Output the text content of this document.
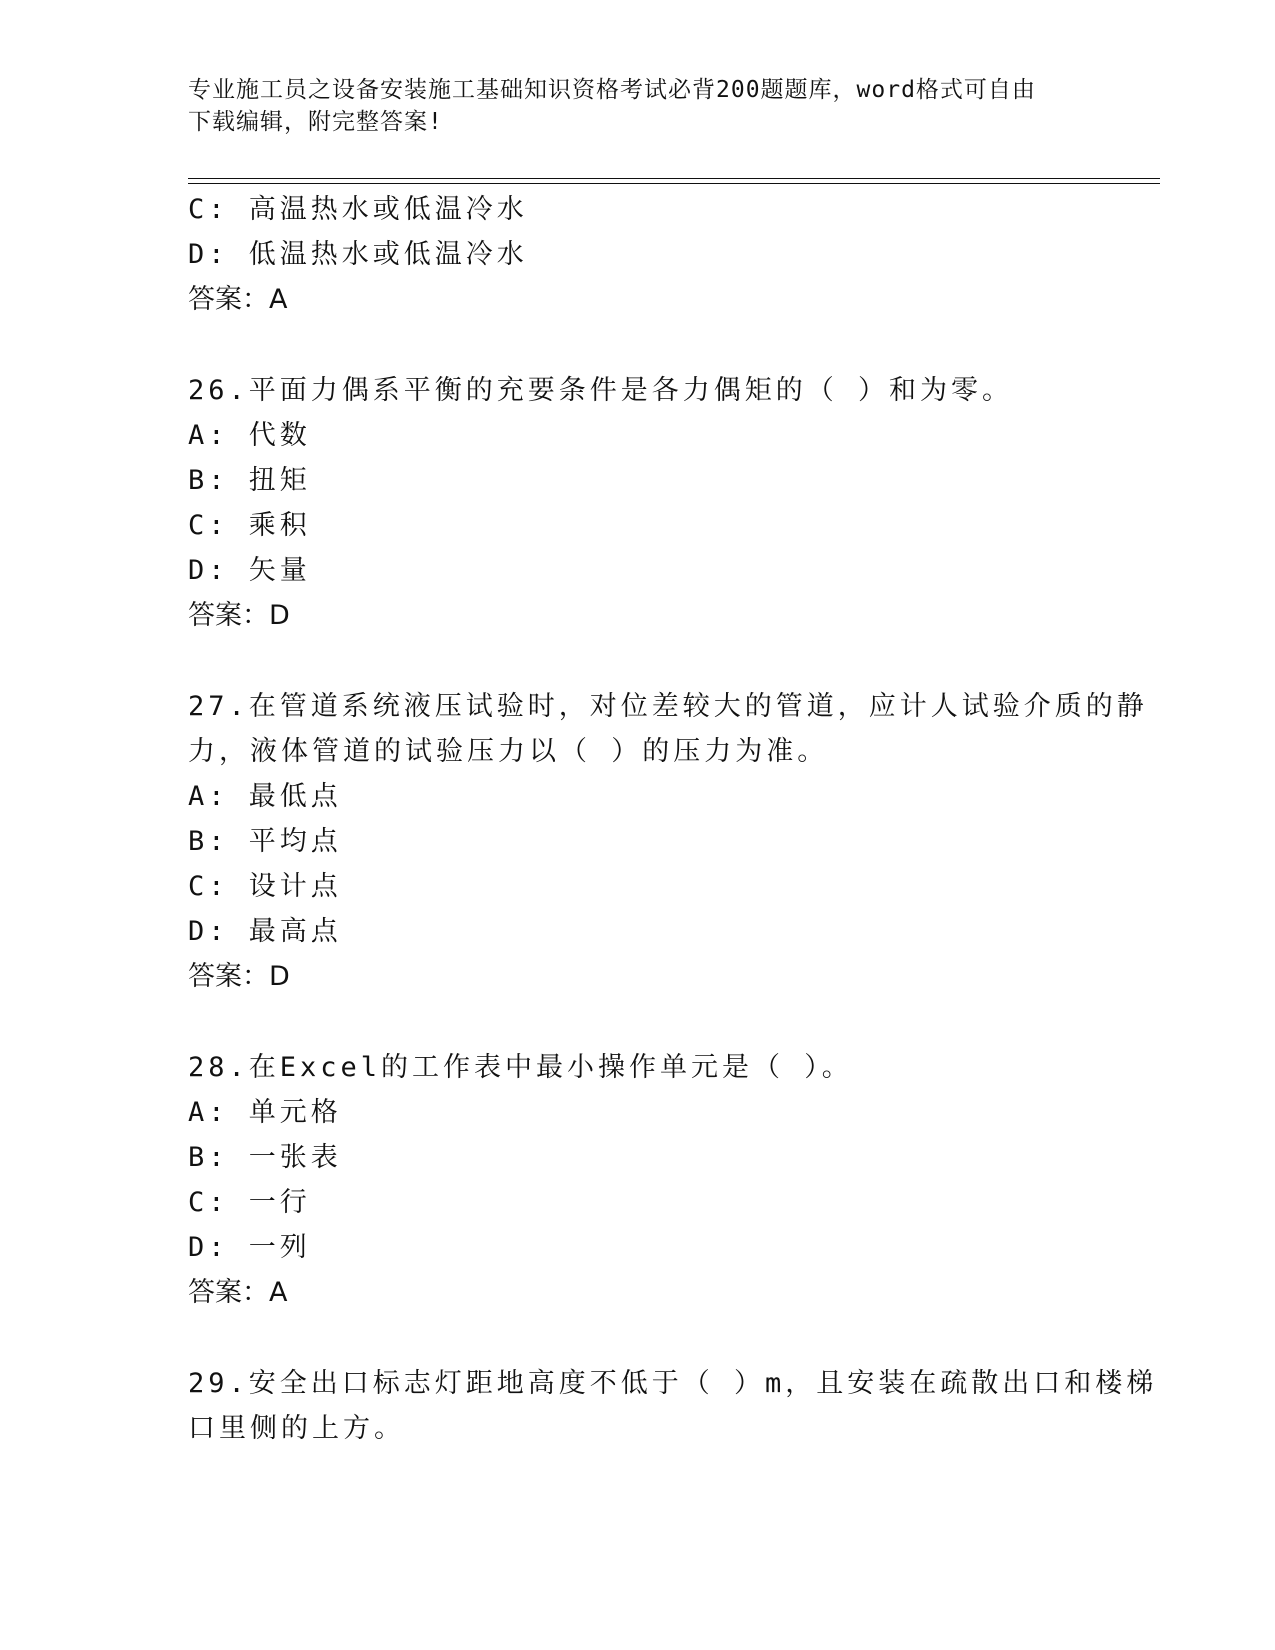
专业施工员之设备安装施工基础知识资格考试必背200题题库，word格式可自由
下载编辑，附完整答案!
C: 高温热水或低温冷水
D: 低温热水或低温冷水
答案：A
26.平面力偶系平衡的充要条件是各力偶矩的（ ）和为零。
A: 代数
B: 扭矩
C: 乘积
D: 矢量
答案：D
27.在管道系统液压试验时，对位差较大的管道，应计人试验介质的静
力，液体管道的试验压力以（ ）的压力为准。
A: 最低点
B: 平均点
C: 设计点
D: 最高点
答案：D
28.在Excel的工作表中最小操作单元是（ ）。
A: 单元格
B: 一张表
C: 一行
D: 一列
答案：A
29.安全出口标志灯距地高度不低于（ ）m，且安装在疏散出口和楼梯
口里侧的上方。
